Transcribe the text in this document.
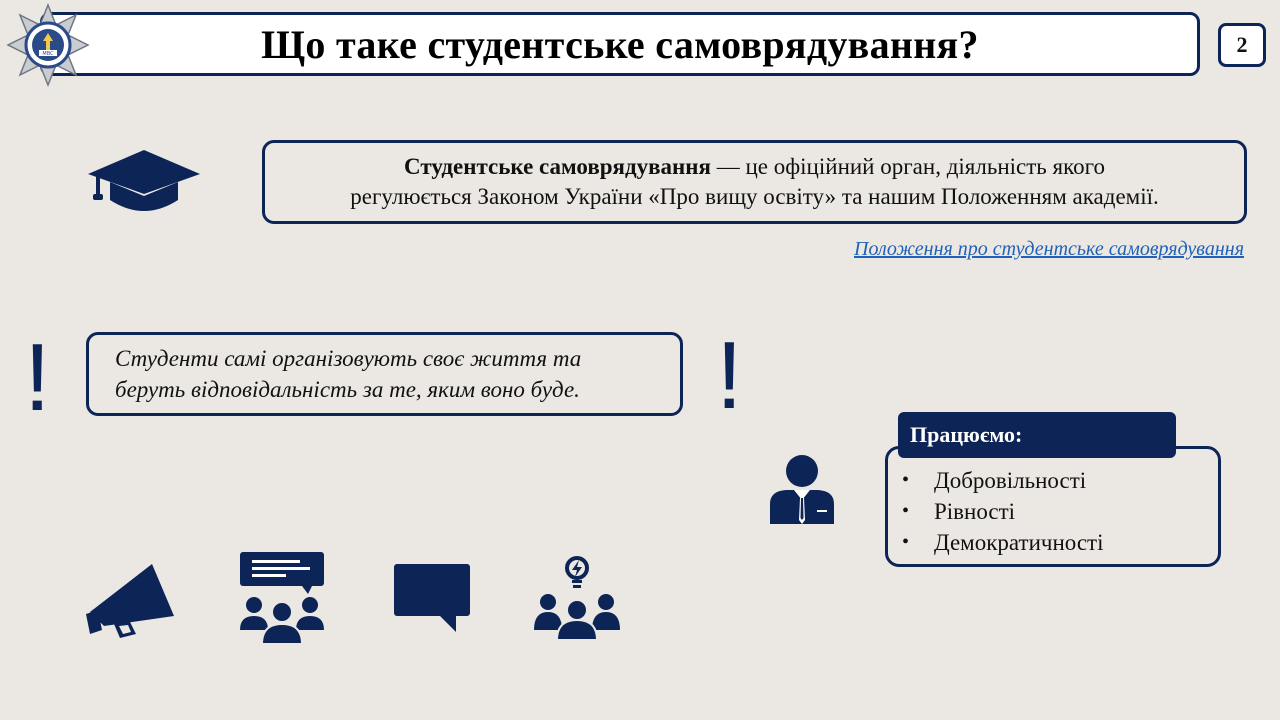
Що таке студентське самоврядування?
МВС	2
Студентське самоврядування — це офіційний орган, діяльність якого
регулюється Законом України «Про вищу освіту» та нашим Положенням академії.
Положення про студентське самоврядування
!	Студенти самі організовують своє життя та
беруть відповідальність за те, яким воно буде.	!
Працюємо:
• Добровільності
• Рівності
• Демократичності
